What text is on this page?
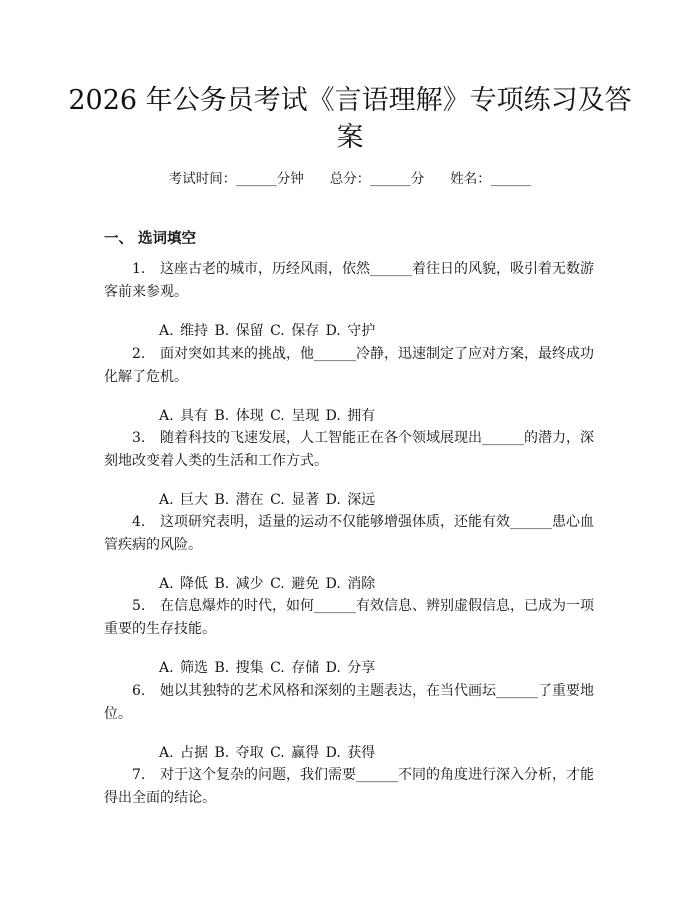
2026 年公务员考试《言语理解》专项练习及答案
考试时间：______分钟 总分：______分 姓名：______
一、 选词填空

1. 这座古老的城市，历经风雨，依然______着往日的风貌，吸引着无数游客前来参观。

A. 维持 B. 保留 C. 保存 D. 守护

2. 面对突如其来的挑战，他______冷静，迅速制定了应对方案，最终成功化解了危机。

A. 具有 B. 体现 C. 呈现 D. 拥有

3. 随着科技的飞速发展，人工智能正在各个领域展现出______的潜力，深刻地改变着人类的生活和工作方式。

A. 巨大 B. 潜在 C. 显著 D. 深远

4. 这项研究表明，适量的运动不仅能够增强体质，还能有效______患心血管疾病的风险。

A. 降低 B. 减少 C. 避免 D. 消除

5. 在信息爆炸的时代，如何______有效信息、辨别虚假信息，已成为一项重要的生存技能。

A. 筛选 B. 搜集 C. 存储 D. 分享

6. 她以其独特的艺术风格和深刻的主题表达，在当代画坛______了重要地位。

A. 占据 B. 夺取 C. 赢得 D. 获得

7. 对于这个复杂的问题，我们需要______不同的角度进行深入分析，才能得出全面的结论。
